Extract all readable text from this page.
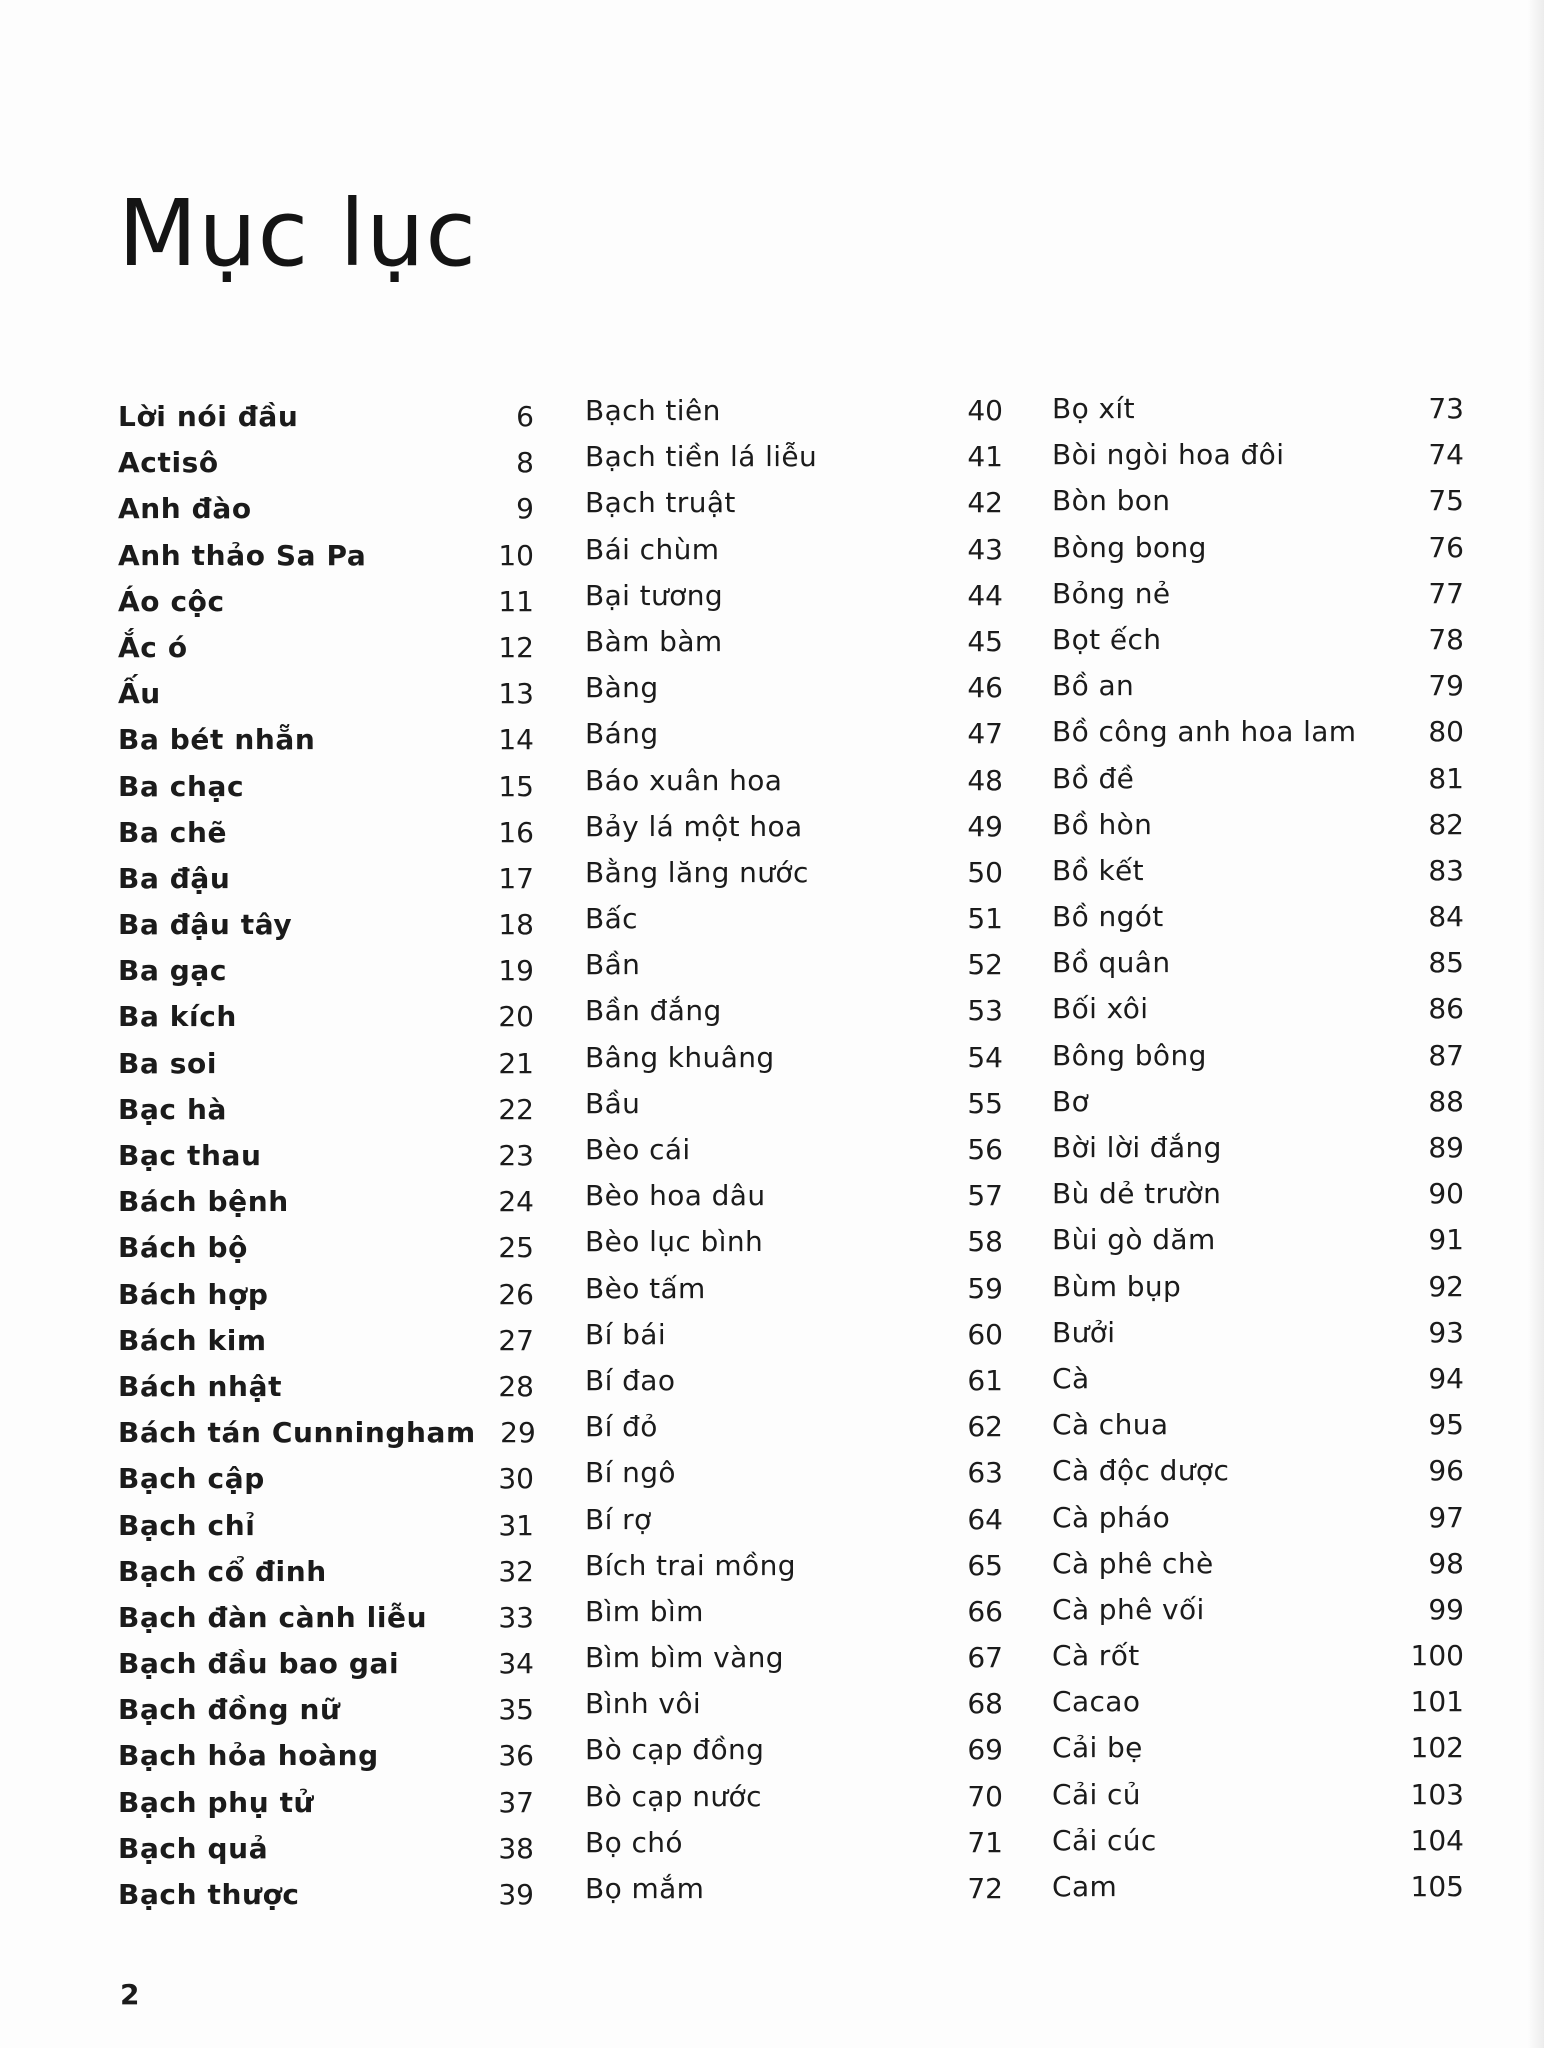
Mục lục
Lời nói đầu	6
Actisô	8
Anh đào	9
Anh thảo Sa Pa	10
Áo cộc	11
Ắc ó	12
Ấu	13
Ba bét nhẵn	14
Ba chạc	15
Ba chẽ	16
Ba đậu	17
Ba đậu tây	18
Ba gạc	19
Ba kích	20
Ba soi	21
Bạc hà	22
Bạc thau	23
Bách bệnh	24
Bách bộ	25
Bách hợp	26
Bách kim	27
Bách nhật	28
Bách tán Cunningham 29
Bạch cập	30
Bạch chỉ	31
Bạch cổ đinh	32
Bạch đàn cành liễu	33
Bạch đầu bao gai	34
Bạch đồng nữ	35
Bạch hỏa hoàng	36
Bạch phụ tử	37
Bạch quả	38
Bạch thược	39
Bạch tiên	40
Bạch tiền lá liễu	41
Bạch truật	42
Bái chùm	43
Bại tương	44
Bàm bàm	45
Bàng	46
Báng	47
Báo xuân hoa	48
Bảy lá một hoa	49
Bằng lăng nước	50
Bấc	51
Bần	52
Bần đắng	53
Bâng khuâng	54
Bầu	55
Bèo cái	56
Bèo hoa dâu	57
Bèo lục bình	58
Bèo tấm	59
Bí bái	60
Bí đao	61
Bí đỏ	62
Bí ngô	63
Bí rợ	64
Bích trai mồng	65
Bìm bìm	66
Bìm bìm vàng	67
Bình vôi	68
Bò cạp đồng	69
Bò cạp nước	70
Bọ chó	71
Bọ mắm	72
Bọ xít	73
Bòi ngòi hoa đôi	74
Bòn bon	75
Bòng bong	76
Bỏng nẻ	77
Bọt ếch	78
Bồ an	79
Bồ công anh hoa lam	80
Bồ đề	81
Bồ hòn	82
Bồ kết	83
Bồ ngót	84
Bồ quân	85
Bối xôi	86
Bông bông	87
Bơ	88
Bời lời đắng	89
Bù dẻ trườn	90
Bùi gò dăm	91
Bùm bụp	92
Bưởi	93
Cà	94
Cà chua	95
Cà độc dược	96
Cà pháo	97
Cà phê chè	98
Cà phê vối	99
Cà rốt	100
Cacao	101
Cải bẹ	102
Cải củ	103
Cải cúc	104
Cam	105
2
